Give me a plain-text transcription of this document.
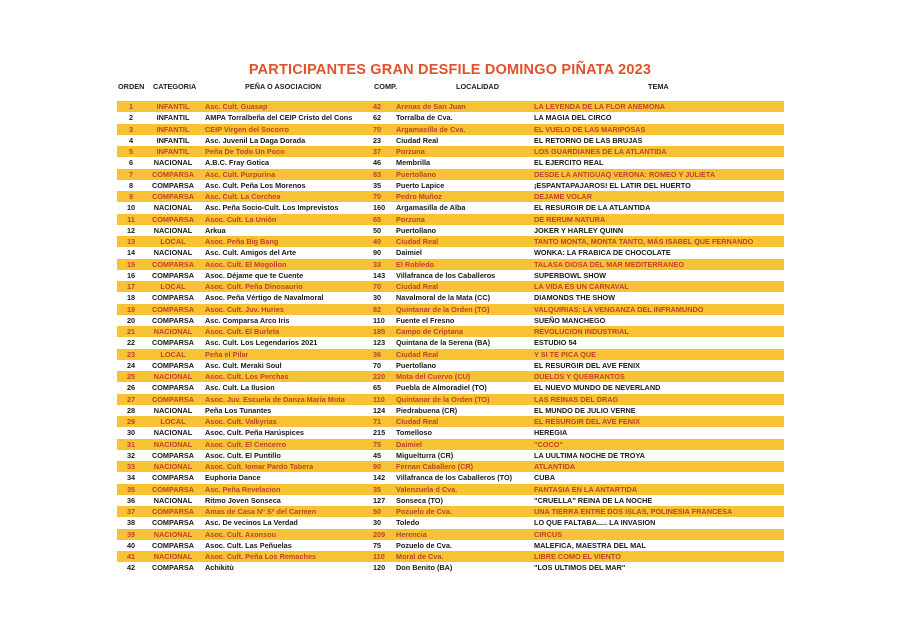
PARTICIPANTES GRAN DESFILE DOMINGO PIÑATA 2023
ORDEN CATEGORIA	PEÑA O ASOCIACION	COMP.	LOCALIDAD	TEMA
1	INFANTIL	Asc. Cult. Guasap	42	Arenas de San Juan	LA LEYENDA DE LA FLOR ANEMONA
2	INFANTIL	AMPA Torralbeña del CEIP Cristo del Cons	62	Torralba de Cva.	LA MAGIA DEL CIRCO
3	INFANTIL	CEIP Virgen del Socorro	70	Argamasilla de Cva.	EL VUELO DE LAS MARIPOSAS
4	INFANTIL	Asc. Juvenil La Daga Dorada	23	Ciudad Real	EL RETORNO DE LAS BRUJAS
5	INFANTIL	Peña De Todo Un Poco	37	Porzuna	LOS GUARDIANES DE LA ATLANTIDA
6	NACIONAL	A.B.C. Fray Gotica	46	Membrilla	EL EJERCITO REAL
7	COMPARSA	Asc. Cult. Purpurina	83	Puertollano	DESDE LA ANTIGUAQ VERONA: ROMEO Y JULIETA
8	COMPARSA	Asc. Cult. Peña Los Morenos	35	Puerto Lapice	¡ESPANTAPAJAROS! EL LATIR DEL HUERTO
9	COMPARSA	Asc. Cult. La Corchea	70	Pedro Muñoz	DEJAME VOLAR
10	NACIONAL	Asc. Peña Socio-Cult. Los Imprevistos	160	Argamasilla de Alba	EL RESURGIR DE LA ATLANTIDA
11	COMPARSA	Asoc. Cult. La Unión	65	Porzuna	DE RERUM NATURA
12	NACIONAL	Arkua	50	Puertollano	JOKER Y HARLEY QUINN
13	LOCAL	Asoc. Peña Big Bang	40	Ciudad Real	TANTO MONTA, MONTA TANTO, MÁS ISABEL QUE FERNANDO
14	NACIONAL	Asc. Cult. Amigos del Arte	90	Daimiel	WONKA: LA FRABICA DE CHOCOLATE
15	COMPARSA	Asoc. Cult. El Mogollon	33	El Robledo	TALASA DIOSA DEL MAR MEDITERRANEO
16	COMPARSA	Asoc. Déjame que te Cuente	143	Villafranca de los Caballeros	SUPERBOWL SHOW
17	LOCAL	Asoc. Cult. Peña Dinosaurio	70	Ciudad Real	LA VIDA ES UN CARNAVAL
18	COMPARSA	Asoc. Peña Vértigo de Navalmoral	30	Navalmoral de la Mata (CC)	DIAMONDS THE SHOW
19	COMPARSA	Asoc. Cult. Juv. Huries	82	Quintanar de la Orden (TO)	VALQUIRIAS: LA VENGANZA DEL INFRAMUNDO
20	COMPARSA	Asc. Comparsa Arco Iris	110	Fuente el Fresno	SUEÑO MANCHEGO
21	NACIONAL	Asoc. Cult. El Burleta	185	Campo de Criptana	REVOLUCION INDUSTRIAL
22	COMPARSA	Asc. Cult. Los Legendarios 2021	123	Quintana de la Serena (BA)	ESTUDIO 54
23	LOCAL	Peña el Pilar	36	Ciudad Real	Y SI TE PICA QUE
24	COMPARSA	Asc. Cult. Meraki Soul	70	Puertollano	EL RESURGIR DEL AVE FENIX
25	NACIONAL	Asoc. Cult. Los Perchas	220	Mota del Cuervo (CU)	DUELOS Y QUEBRANTOS
26	COMPARSA	Asc. Cult. La Ilusion	65	Puebla de Almoradiel (TO)	EL NUEVO MUNDO DE NEVERLAND
27	COMPARSA	Asoc. Juv. Escuela de Danza María Mota	110	Quintanar de la Orden (TO)	LAS REINAS DEL DRAG
28	NACIONAL	Peña Los Tunantes	124	Piedrabuena (CR)	EL MUNDO DE JULIO VERNE
29	LOCAL	Asoc. Cult. Valkyrias	71	Ciudad Real	EL RESURGIR DEL AVE FENIX
30	NACIONAL	Asoc. Cult. Peña Harúspices	215	Tomelloso	HEREGIA
31	NACIONAL	Asoc. Cult. El Cencerro	75	Daimiel	"COCO"
32	COMPARSA	Asoc. Cult. El Puntillo	45	Miguelturra (CR)	LA UULTIMA NOCHE DE TROYA
33	NACIONAL	Asoc. Cult. Iomar Pardo Tabera	90	Fernan Caballero (CR)	ATLANTIDA
34	COMPARSA	Euphoria Dance	142	Villafranca de los Caballeros (TO)	CUBA
35	COMPARSA	Asc. Peña Revelacion	35	Valenzuela d Cva.	FANTASIA EN LA ANTARTIDA
36	NACIONAL	Ritmo Joven Sonseca	127	Sonseca (TO)	"CRUELLA" REINA DE LA NOCHE
37	COMPARSA	Amas de Casa Nº Sª del Carmen	50	Pozuelo de Cva.	UNA TIERRA ENTRE DOS ISLAS, POLINESIA FRANCESA
38	COMPARSA	Asc. De vecinos La Verdad	30	Toledo	LO QUE FALTABA..... LA INVASION
39	NACIONAL	Asoc. Cult. Axonsou	209	Herencia	CIRCUS
40	COMPARSA	Asoc. Cult. Las Peñuelas	75	Pozuelo de Cva.	MALEFICA, MAESTRA DEL MAL
41	NACIONAL	Asoc. Cult. Peña Los Remaches	110	Moral de Cva.	LIBRE COMO EL VIENTO
42	COMPARSA	Achikitù	120	Don Benito (BA)	"LOS ULTIMOS DEL MAR"
